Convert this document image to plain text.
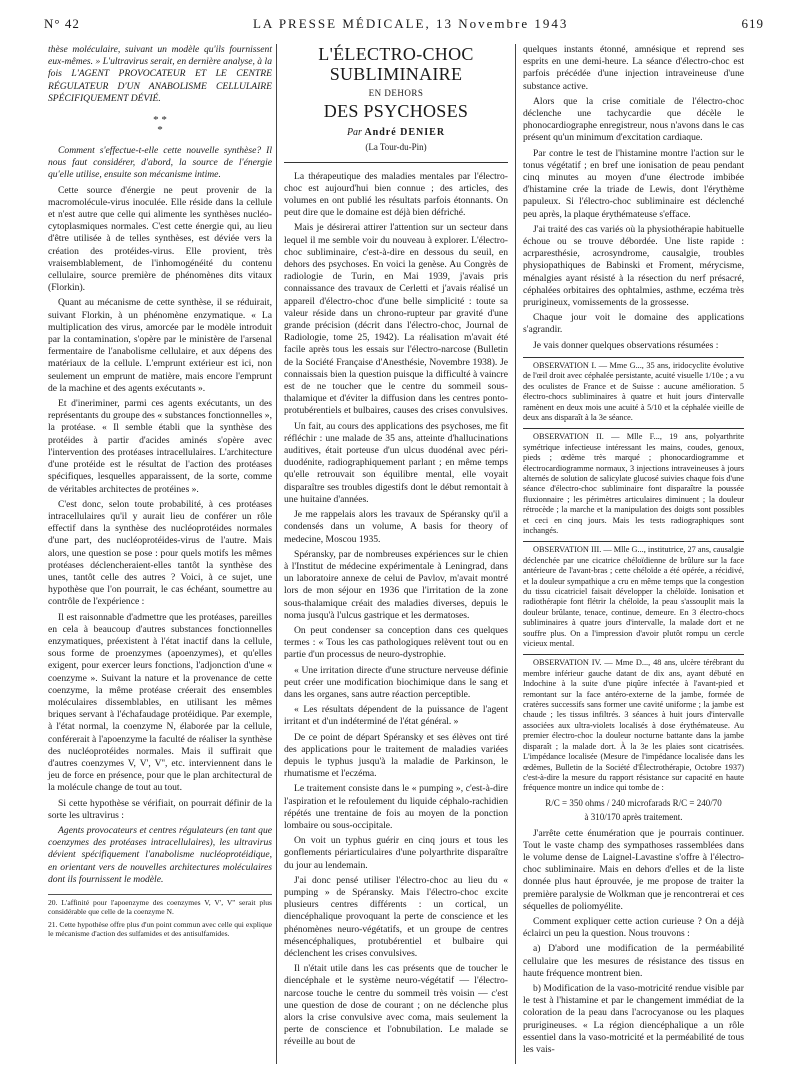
N° 42	LA PRESSE MÉDICALE, 13 Novembre 1943	619

thèse moléculaire, suivant un modèle qu'ils fournissent eux-mêmes. » L'ultravirus serait, en dernière analyse, à la fois L'AGENT PROVOCATEUR ET LE CENTRE RÉGULATEUR D'UN ANABOLISME CELLULAIRE SPÉCIFIQUEMENT DÉVIÉ.

* *
*

Comment s'effectue-t-elle cette nouvelle synthèse? Il nous faut considérer, d'abord, la source de l'énergie qu'elle utilise, ensuite son mécanisme intime.

Cette source d'énergie ne peut provenir de la macromolécule-virus inoculée. Elle réside dans la cellule et n'est autre que celle qui alimente les synthèses nucléo-cytoplasmiques normales. C'est cette énergie qui, au lieu d'être utilisée à de telles synthèses, est déviée vers la création des protéides-virus. Elle provient, très vraisemblablement, de l'inhomogénéité du contenu cellulaire, source première de phénomènes dits vitaux (Florkin).

Quant au mécanisme de cette synthèse, il se réduirait, suivant Florkin, à un phénomène enzymatique. « La multiplication des virus, amorcée par le modèle introduit par la contamination, s'opère par le ministère de l'arsenal fermentaire de l'anabolisme cellulaire, et aux dépens des matériaux de la cellule. L'emprunt extérieur est ici, non seulement un emprunt de matière, mais encore l'emprunt de la machine et des agents exécutants ».

Et d'ineriminer, parmi ces agents exécutants, un des représentants du groupe des « substances fonctionnelles », la protéase. « Il semble établi que la synthèse des protéides à partir d'acides aminés s'opère avec l'intervention des protéases intracellulaires. L'architecture d'une protéide est le résultat de l'action des protéases spécifiques, lesquelles apparaissent, de la sorte, comme de véritables architectes de protéines ».

C'est donc, selon toute probabilité, à ces protéases intracellulaires qu'il y aurait lieu de conférer un rôle effectif dans la synthèse des nucléoprotéides normales d'une part, des nucléoprotéides-virus de l'autre. Mais alors, une question se pose : pour quels motifs les mêmes protéases déclencheraient-elles tantôt la synthèse des unes, tantôt celle des autres ? Voici, à ce sujet, une hypothèse que l'on pourrait, le cas échéant, soumettre au contrôle de l'expérience :

Il est raisonnable d'admettre que les protéases, pareilles en cela à beaucoup d'autres substances fonctionnelles enzymatiques, préexistent à l'état inactif dans la cellule, sous forme de proenzymes (apoenzymes), et qu'elles exigent, pour exercer leurs fonctions, l'adjonction d'une « coenzyme ». Suivant la nature et la provenance de cette coenzyme, la même protéase créerait des ensembles moléculaires dissemblables, en utilisant les mêmes briques servant à l'échafaudage protéidique. Par exemple, à l'état normal, la coenzyme N, élaborée par la cellule, conférerait à l'apoenzyme la faculté de réaliser la synthèse des nucléoprotéides normales. Mais il suffirait que d'autres coenzymes V, V', V'', etc. interviennent dans le jeu de force en présence, pour que le plan architectural de la molécule change de tout au tout.

Si cette hypothèse se vérifiait, on pourrait définir de la sorte les ultravirus :

Agents provocateurs et centres régulateurs (en tant que coenzymes des protéases intracellulaires), les ultravirus dévient spécifiquement l'anabolisme nucléoprotéidique, en orientant vers de nouvelles architectures moléculaires dont ils fournissent le modèle.

20. L'affinité pour l'apoenzyme des coenzymes V, V', V'' serait plus considérable que celle de la coenzyme N.

21. Cette hypothèse offre plus d'un point commun avec celle qui explique le mécanisme d'action des sulfamides et des antisulfamides.

L'ÉLECTRO-CHOC SUBLIMINAIRE
EN DEHORS
DES PSYCHOSES
Par André DENIER
(La Tour-du-Pin)

La thérapeutique des maladies mentales par l'électro-choc est aujourd'hui bien connue ; des articles, des volumes en ont publié les résultats parfois étonnants. On peut dire que le domaine est déjà bien défriché.

Mais je désirerai attirer l'attention sur un secteur dans lequel il me semble voir du nouveau à explorer. L'électro-choc subliminaire, c'est-à-dire en dessous du seuil, en dehors des psychoses. En voici la genèse. Au Congrès de radiologie de Turin, en Mai 1939, j'avais pris connaissance des travaux de Cerletti et j'avais réalisé un appareil d'électro-choc d'une belle simplicité : toute sa valeur réside dans un chrono-rupteur par gravité d'une grande précision (décrit dans l'électro-choc, Journal de Radiologie, tome 25, 1942). La réalisation m'avait été facile après tous les essais sur l'électro-narcose (Bulletin de la Société Française d'Anesthésie, Novembre 1938). Je connaissais bien la question puisque la difficulté à vaincre est de ne toucher que le centre du sommeil sous-thalamique et d'éviter la diffusion dans les centres ponto-protubérentiels et bulbaires, causes des crises convulsives.

Un fait, au cours des applications des psychoses, me fit réfléchir : une malade de 35 ans, atteinte d'hallucinations auditives, était porteuse d'un ulcus duodénal avec péri-duodénite, radiographiquement parlant ; en même temps qu'elle retrouvait son équilibre mental, elle voyait disparaître ses troubles digestifs dont le début remontait à une huitaine d'années.

Je me rappelais alors les travaux de Spéransky qu'il a condensés dans un volume, A basis for theory of medecine, Moscou 1935.

Spéransky, par de nombreuses expériences sur le chien à l'Institut de médecine expérimentale à Leningrad, dans un laboratoire annexe de celui de Pavlov, m'avait montré lors de mon séjour en 1936 que l'irritation de la zone sous-thalamique créait des maladies diverses, depuis le noma jusqu'à l'ulcus gastrique et les dermatoses.

On peut condenser sa conception dans ces quelques termes : « Tous les cas pathologiques relèvent tout ou en partie d'un processus de neuro-dystrophie.

« Une irritation directe d'une structure nerveuse définie peut créer une modification biochimique dans le sang et dans les organes, sans autre réaction perceptible.

« Les résultats dépendent de la puissance de l'agent irritant et d'un indéterminé de l'état général. »

De ce point de départ Spéransky et ses élèves ont tiré des applications pour le traitement de maladies variées depuis le typhus jusqu'à la maladie de Parkinson, le rhumatisme et l'eczéma.

Le traitement consiste dans le « pumping », c'est-à-dire l'aspiration et le refoulement du liquide céphalo-rachidien répétés une trentaine de fois au moyen de la ponction lombaire ou sous-occipitale.

On voit un typhus guérir en cinq jours et tous les gonflements périarticulaires d'une polyarthrite disparaître du jour au lendemain.

J'ai donc pensé utiliser l'électro-choc au lieu du « pumping » de Spéransky. Mais l'électro-choc excite plusieurs centres différents : un cortical, un diencéphalique provoquant la perte de conscience et les phénomènes neuro-végétatifs, et un groupe de centres mésencéphaliques, protubérentiel et bulbaire qui déclenchent les crises convulsives.

Il n'était utile dans les cas présents que de toucher le diencéphale et le système neuro-végétatif — l'électro-narcose touche le centre du sommeil très voisin — c'est une question de dose de courant ; on ne déclenche plus alors la crise convulsive avec coma, mais seulement la perte de conscience et l'obnubilation. Le malade se réveille au bout de

quelques instants étonné, amnésique et reprend ses esprits en une demi-heure. La séance d'électro-choc est parfois précédée d'une injection intraveineuse d'une substance active.

Alors que la crise comitiale de l'électro-choc déclenche une tachycardie que décèle le phonocardiographe enregistreur, nous n'avons dans le cas présent qu'un minimum d'excitation cardiaque.

Par contre le test de l'histamine montre l'action sur le tonus végétatif ; en bref une ionisation de peau pendant cinq minutes au moyen d'une électrode imbibée d'histamine crée la triade de Lewis, dont l'érythème papuleux. Si l'électro-choc subliminaire est déclenché peu après, la plaque érythémateuse s'efface.

J'ai traité des cas variés où la physiothérapie habituelle échoue ou se trouve débordée. Une liste rapide : acrparesthésie, acrosyndrome, causalgie, troubles physiopathiques de Babinski et Froment, mérycisme, ménalgies ayant résisté à la résection du nerf présacré, céphalées orbitaires des ophtalmies, asthme, eczéma très prurigineux, vomissements de la grossesse.

Chaque jour voit le domaine des applications s'agrandir.

Je vais donner quelques observations résumées :

OBSERVATION I. — Mme G..., 35 ans, iridocyclite évolutive de l'œil droit avec céphalée persistante, acuité visuelle 1/10e ; a vu des oculistes de France et de Suisse : aucune amélioration. 5 électro-chocs subliminaires à quatre et huit jours d'intervalle ramènent en deux mois une acuité à 5/10 et la céphalée vieille de deux ans disparaît à la 3e séance.

OBSERVATION II. — Mlle F..., 19 ans, polyarthrite symétrique infectieuse intéressant les mains, coudes, genoux, pieds ; œdème très marqué ; phonocardiogramme et électrocardiogramme normaux, 3 injections intraveineuses à jours alternés de solution de salicylate glucosé suivies chaque fois d'une séance d'électro-choc subliminaire font disparaître la poussée fluxionnaire ; les périmètres articulaires diminuent ; la douleur rétrocède ; la marche et la manipulation des doigts sont possibles et ceci en cinq jours. Mais les tests radiographiques sont inchangés.

OBSERVATION III. — Mlle G..., institutrice, 27 ans, causalgie déclenchée par une cicatrice chéloïdienne de brûlure sur la face antérieure de l'avant-bras ; cette chéloïde a été opérée, a récidivé, et la douleur sympathique a cru en même temps que la congestion du tissu cicatriciel faisait développer la chéloïde. Ionisation et radiothérapie font flétrir la chéloïde, la peau s'assouplit mais la douleur brûlante, tenace, continue, demeure. En 3 électro-chocs subliminaires à quatre jours d'intervalle, la malade dort et ne souffre plus. On a l'impression d'avoir plutôt rompu un cercle vicieux mental.

OBSERVATION IV. — Mme D..., 48 ans, ulcère térébrant du membre inférieur gauche datant de dix ans, ayant débuté en Indochine à la suite d'une piqûre infectée à l'avant-pied et remontant sur la face antéro-externe de la jambe, formée de cratères successifs sans former une cavité uniforme ; la jambe est chaude ; les tissus infiltrés. 3 séances à huit jours d'intervalle associées aux ultra-violets localisés à dose érythémateuse. Au premier électro-choc la douleur nocturne battante dans la jambe disparaît ; la malade dort. À la 3e les plaies sont cicatrisées. L'impédance localisée (Mesure de l'impédance localisée dans les œdèmes, Bulletin de la Société d'Électrothérapie, Octobre 1937) c'est-à-dire la mesure du rapport résistance sur capacité en haute fréquence montre un indice qui tombe de :

R/C = 350 ohms / 240 microfarads R/C = 240/70
à 310/170 après traitement.

J'arrête cette énumération que je pourrais continuer. Tout le vaste champ des sympathoses rassemblées dans le volume dense de Laignel-Lavastine s'offre à l'électro-choc subliminaire. Mais en dehors d'elles et de la liste donnée plus haut éprouvée, je me propose de traiter la première paralysie de Wolkman que je rencontrerai et ces séquelles de poliomyélite.

Comment expliquer cette action curieuse ? On a déjà éclairci un peu la question. Nous trouvons :

a) D'abord une modification de la perméabilité cellulaire que les mesures de résistance des tissus en haute fréquence montrent bien.

b) Modification de la vaso-motricité rendue visible par le test à l'histamine et par le changement immédiat de la coloration de la peau dans l'acrocyanose ou les plaques prurigineuses. « La région diencéphalique a un rôle essentiel dans la vaso-motricité et la perméabilité de tous les vais-
